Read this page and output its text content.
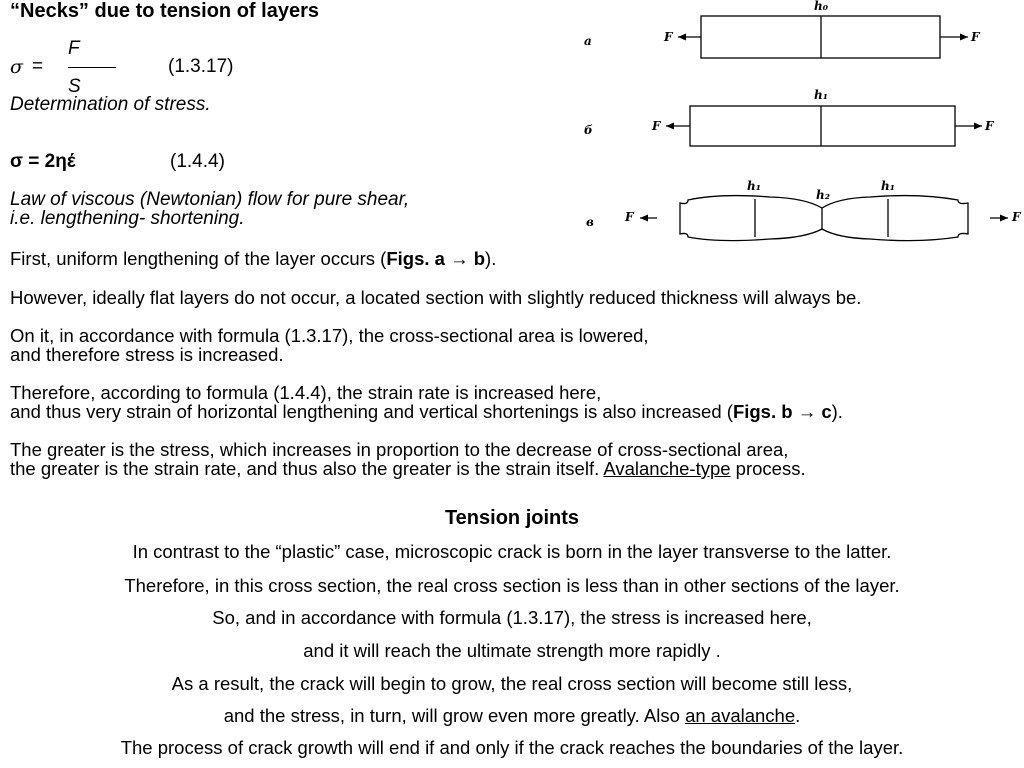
“Necks” due to tension of layers
σ =
F
S
(1.3.17)
Determination of stress.
σ = 2ηέ	(1.4.4)
Law of viscous (Newtonian) flow for pure shear,
i.e. lengthening- shortening.
First, uniform lengthening of the layer occurs (Figs. a → b).
However, ideally flat layers do not occur, a located section with slightly reduced thickness will always be.
On it, in accordance with formula (1.3.17), the cross-sectional area is lowered,
and therefore stress is increased.
Therefore, according to formula (1.4.4), the strain rate is increased here,
and thus very strain of horizontal lengthening and vertical shortenings is also increased (Figs. b → c).
The greater is the stress, which increases in proportion to the decrease of cross-sectional area,
the greater is the strain rate, and thus also the greater is the strain itself. Avalanche-type process.
Tension joints
In contrast to the “plastic” case, microscopic crack is born in the layer transverse to the latter.
Therefore, in this cross section, the real cross section is less than in other sections of the layer.
So, and in accordance with formula (1.3.17), the stress is increased here,
and it will reach the ultimate strength more rapidly .
As a result, the crack will begin to grow, the real cross section will become still less,
and the stress, in turn, will grow even more greatly. Also an avalanche.
The process of crack growth will end if and only if the crack reaches the boundaries of the layer.
a
б
в
F	F
F	F
F	F
h₀
h₁
h₁
h₂
h₁
